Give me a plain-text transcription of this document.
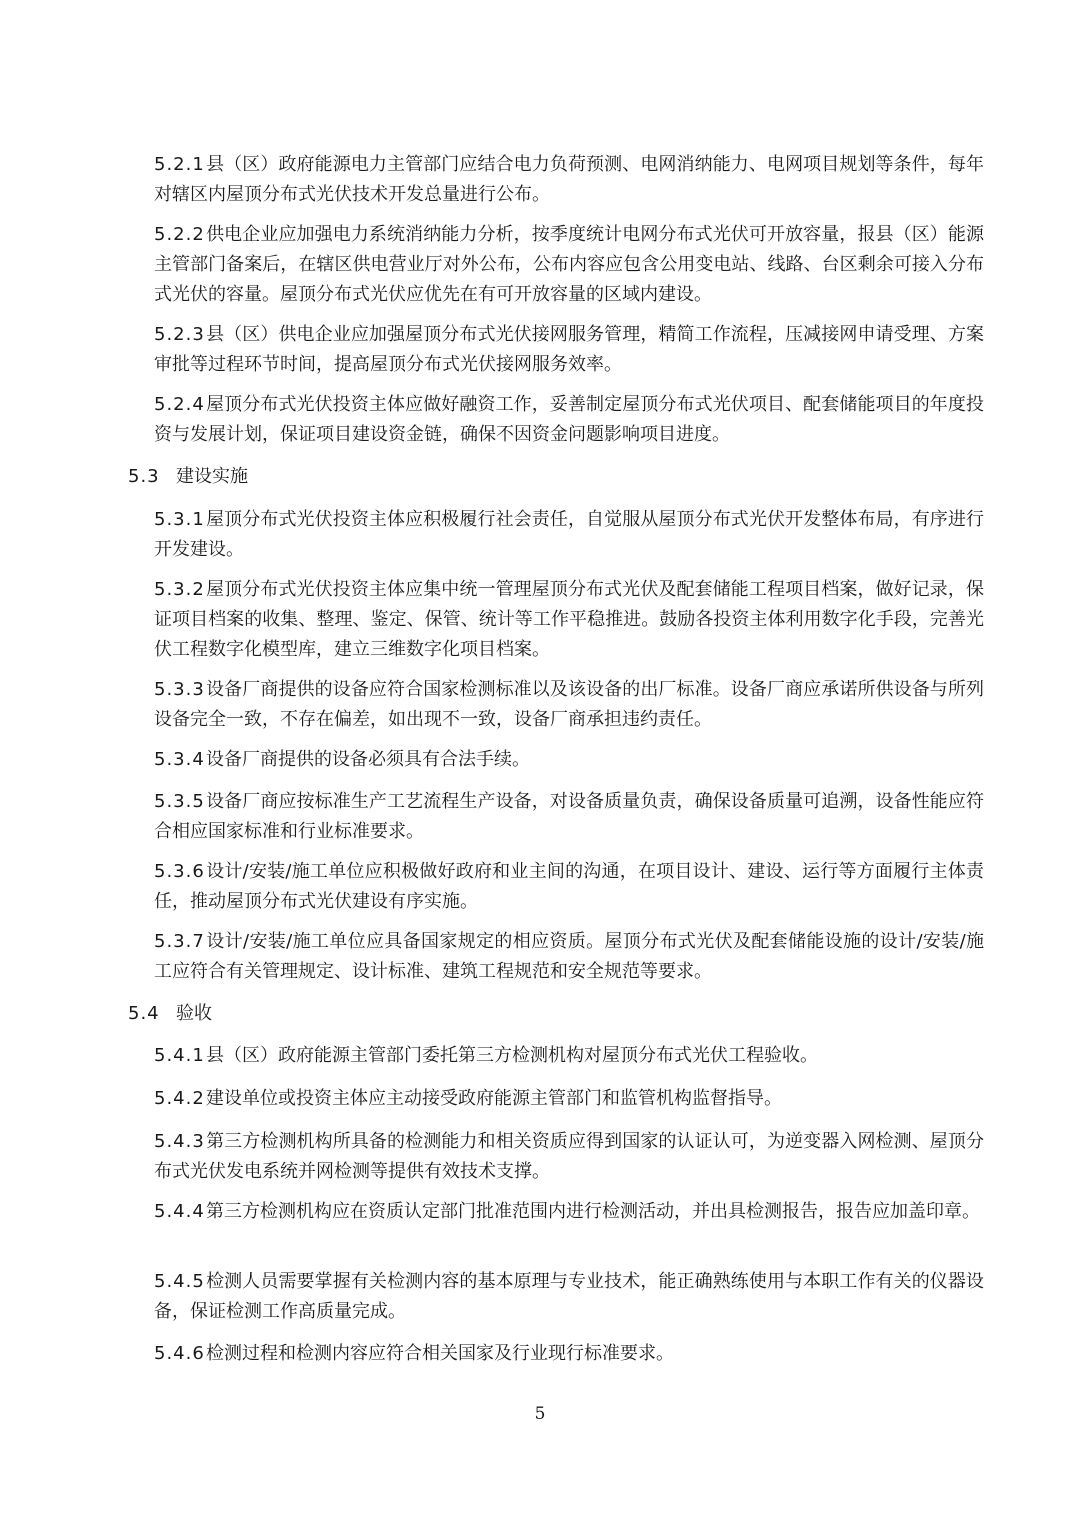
5.2.1县（区）政府能源电力主管部门应结合电力负荷预测、电网消纳能力、电网项目规划等条件，每年对辖区内屋顶分布式光伏技术开发总量进行公布。

5.2.2供电企业应加强电力系统消纳能力分析，按季度统计电网分布式光伏可开放容量，报县（区）能源主管部门备案后，在辖区供电营业厅对外公布，公布内容应包含公用变电站、线路、台区剩余可接入分布式光伏的容量。屋顶分布式光伏应优先在有可开放容量的区域内建设。

5.2.3县（区）供电企业应加强屋顶分布式光伏接网服务管理，精简工作流程，压减接网申请受理、方案审批等过程环节时间，提高屋顶分布式光伏接网服务效率。

5.2.4屋顶分布式光伏投资主体应做好融资工作，妥善制定屋顶分布式光伏项目、配套储能项目的年度投资与发展计划，保证项目建设资金链，确保不因资金问题影响项目进度。

5.3 建设实施

5.3.1屋顶分布式光伏投资主体应积极履行社会责任，自觉服从屋顶分布式光伏开发整体布局，有序进行开发建设。

5.3.2屋顶分布式光伏投资主体应集中统一管理屋顶分布式光伏及配套储能工程项目档案，做好记录，保证项目档案的收集、整理、鉴定、保管、统计等工作平稳推进。鼓励各投资主体利用数字化手段，完善光伏工程数字化模型库，建立三维数字化项目档案。

5.3.3设备厂商提供的设备应符合国家检测标准以及该设备的出厂标准。设备厂商应承诺所供设备与所列设备完全一致，不存在偏差，如出现不一致，设备厂商承担违约责任。

5.3.4设备厂商提供的设备必须具有合法手续。

5.3.5设备厂商应按标准生产工艺流程生产设备，对设备质量负责，确保设备质量可追溯，设备性能应符合相应国家标准和行业标准要求。

5.3.6设计/安装/施工单位应积极做好政府和业主间的沟通，在项目设计、建设、运行等方面履行主体责任，推动屋顶分布式光伏建设有序实施。

5.3.7设计/安装/施工单位应具备国家规定的相应资质。屋顶分布式光伏及配套储能设施的设计/安装/施工应符合有关管理规定、设计标准、建筑工程规范和安全规范等要求。

5.4 验收

5.4.1县（区）政府能源主管部门委托第三方检测机构对屋顶分布式光伏工程验收。

5.4.2建设单位或投资主体应主动接受政府能源主管部门和监管机构监督指导。

5.4.3第三方检测机构所具备的检测能力和相关资质应得到国家的认证认可，为逆变器入网检测、屋顶分布式光伏发电系统并网检测等提供有效技术支撑。

5.4.4第三方检测机构应在资质认定部门批准范围内进行检测活动，并出具检测报告，报告应加盖印章。

5.4.5检测人员需要掌握有关检测内容的基本原理与专业技术，能正确熟练使用与本职工作有关的仪器设备，保证检测工作高质量完成。

5.4.6检测过程和检测内容应符合相关国家及行业现行标准要求。

5
